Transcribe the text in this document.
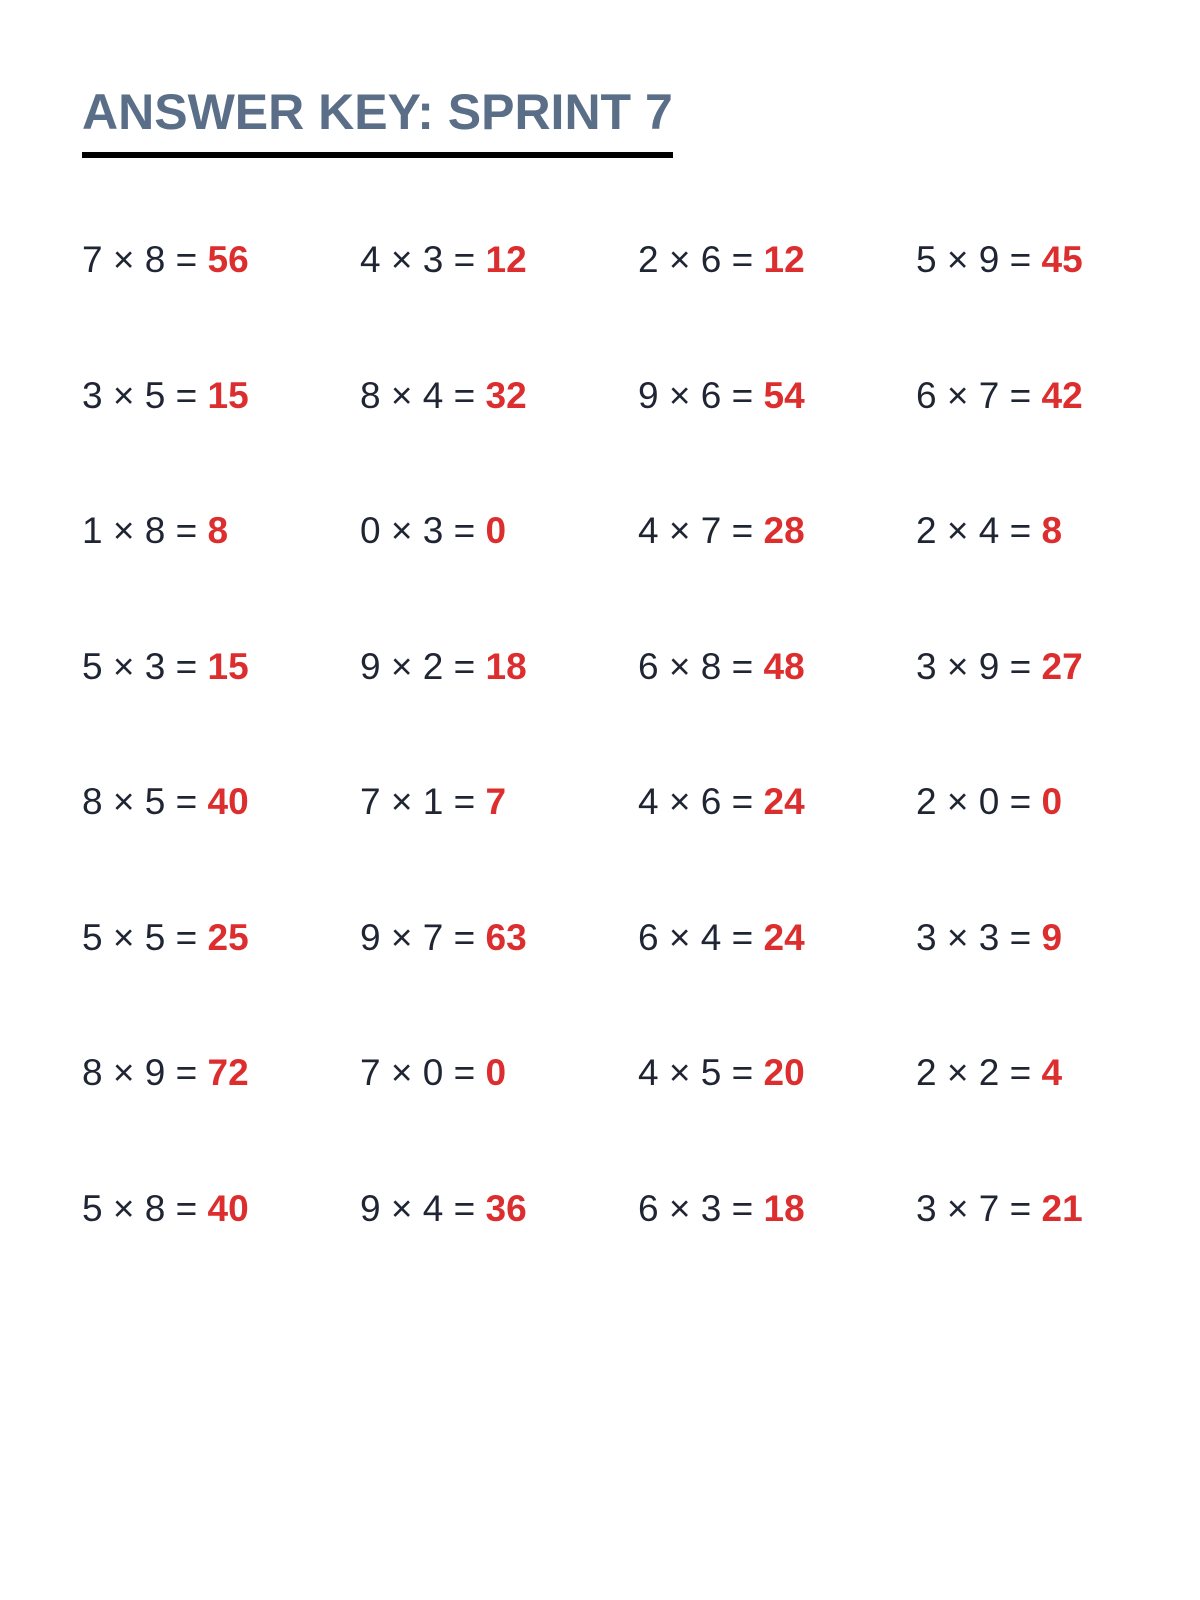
ANSWER KEY: SPRINT 7
7 × 8 = 56	4 × 3 = 12	2 × 6 = 12	5 × 9 = 45
3 × 5 = 15	8 × 4 = 32	9 × 6 = 54	6 × 7 = 42
1 × 8 = 8	0 × 3 = 0	4 × 7 = 28	2 × 4 = 8
5 × 3 = 15	9 × 2 = 18	6 × 8 = 48	3 × 9 = 27
8 × 5 = 40	7 × 1 = 7	4 × 6 = 24	2 × 0 = 0
5 × 5 = 25	9 × 7 = 63	6 × 4 = 24	3 × 3 = 9
8 × 9 = 72	7 × 0 = 0	4 × 5 = 20	2 × 2 = 4
5 × 8 = 40	9 × 4 = 36	6 × 3 = 18	3 × 7 = 21
